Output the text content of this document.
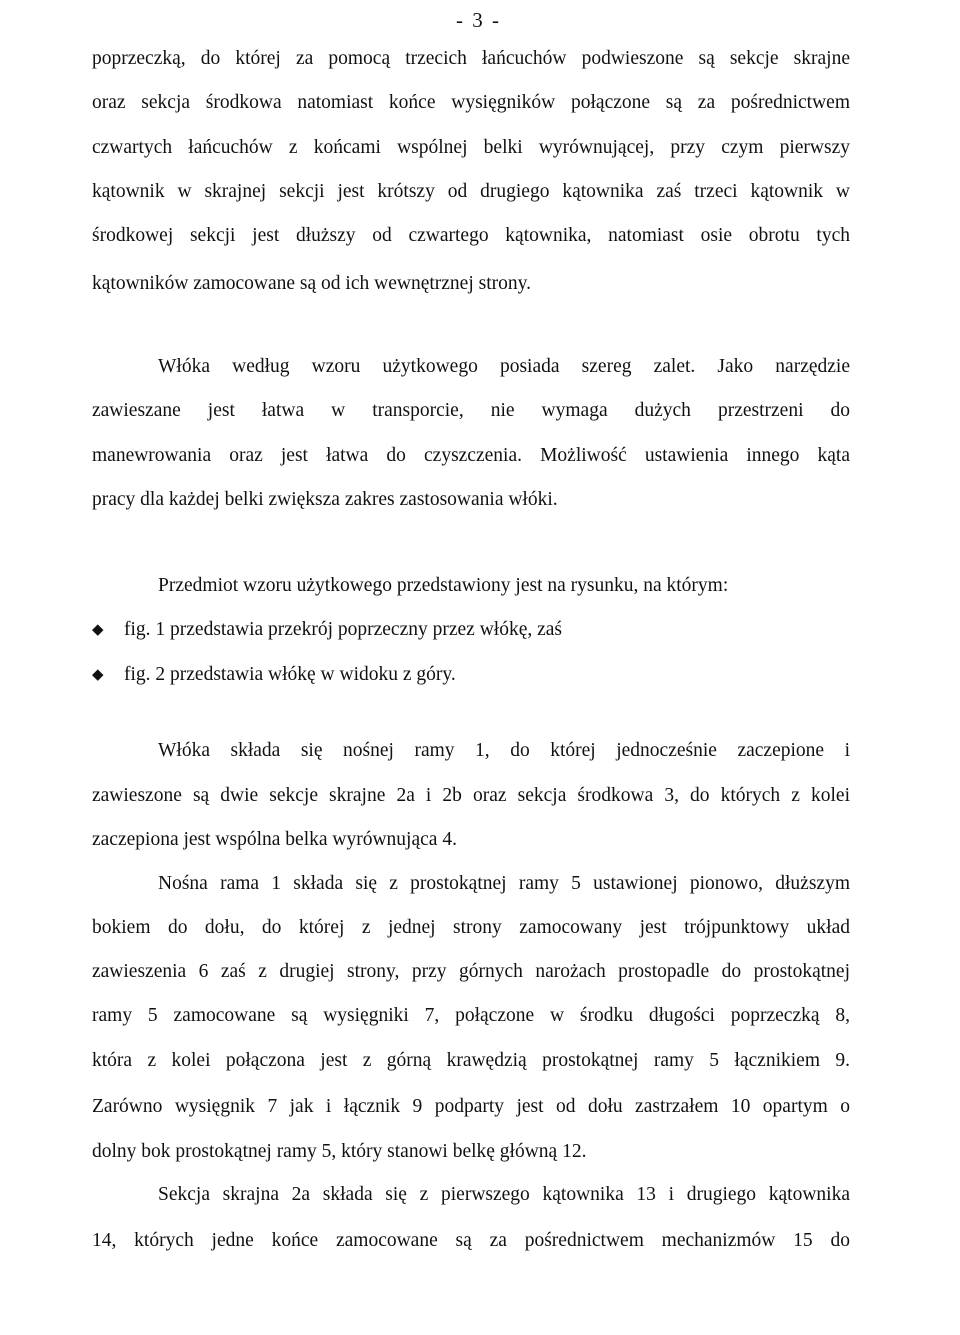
- 3 -
poprzeczką, do której za pomocą trzecich łańcuchów podwieszone są sekcje skrajne
oraz sekcja środkowa natomiast końce wysięgników połączone są za pośrednictwem
czwartych łańcuchów z końcami wspólnej belki wyrównującej, przy czym pierwszy
kątownik w skrajnej sekcji jest krótszy od drugiego kątownika zaś trzeci kątownik w
środkowej sekcji jest dłuższy od czwartego kątownika, natomiast osie obrotu tych
kątowników zamocowane są od ich wewnętrznej strony.
Włóka według wzoru użytkowego posiada szereg zalet. Jako narzędzie
zawieszane jest łatwa w transporcie, nie wymaga dużych przestrzeni do
manewrowania oraz jest łatwa do czyszczenia. Możliwość ustawienia innego kąta
pracy dla każdej belki zwiększa zakres zastosowania włóki.
Przedmiot wzoru użytkowego przedstawiony jest na rysunku, na którym:
◆ fig. 1 przedstawia przekrój poprzeczny przez włókę, zaś
◆ fig. 2 przedstawia włókę w widoku z góry.
Włóka składa się nośnej ramy 1, do której jednocześnie zaczepione i
zawieszone są dwie sekcje skrajne 2a i 2b oraz sekcja środkowa 3, do których z kolei
zaczepiona jest wspólna belka wyrównująca 4.
Nośna rama 1 składa się z prostokątnej ramy 5 ustawionej pionowo, dłuższym
bokiem do dołu, do której z jednej strony zamocowany jest trójpunktowy układ
zawieszenia 6 zaś z drugiej strony, przy górnych narożach prostopadle do prostokątnej
ramy 5 zamocowane są wysięgniki 7, połączone w środku długości poprzeczką 8,
która z kolei połączona jest z górną krawędzią prostokątnej ramy 5 łącznikiem 9.
Zarówno wysięgnik 7 jak i łącznik 9 podparty jest od dołu zastrzałem 10 opartym o
dolny bok prostokątnej ramy 5, który stanowi belkę główną 12.
Sekcja skrajna 2a składa się z pierwszego kątownika 13 i drugiego kątownika
14, których jedne końce zamocowane są za pośrednictwem mechanizmów 15 do
